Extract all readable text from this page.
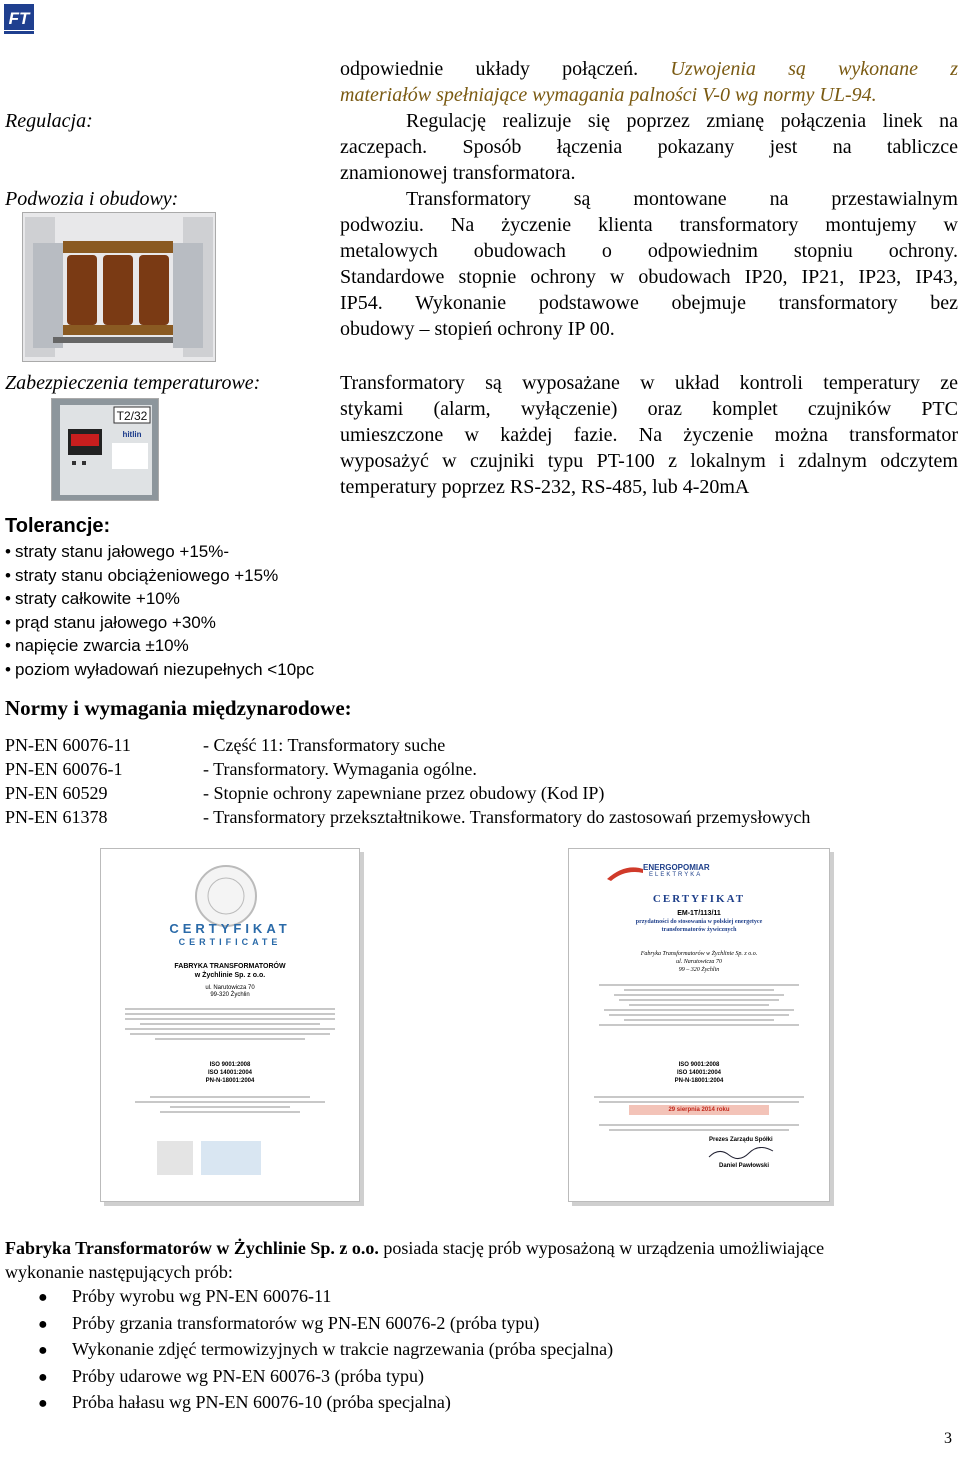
FT
odpowiednie układy połączeń. Uzwojenia są wykonane z
materiałów spełniające wymagania palności V-0 wg normy UL-94.
Regulacja:	Regulację realizuje się poprzez zmianę połączenia linek na
zaczepach. Sposób łączenia pokazany jest na tabliczce
znamionowej transformatora.
Podwozia i obudowy:	Transformatory są montowane na przestawialnym
podwoziu. Na życzenie klienta transformatory montujemy w
metalowych obudowach o odpowiednim stopniu ochrony.
Standardowe stopnie ochrony w obudowach IP20, IP21, IP23, IP43,
IP54. Wykonanie podstawowe obejmuje transformatory bez
obudowy – stopień ochrony IP 00.
Zabezpieczenia temperaturowe:	Transformatory są wyposażane w układ kontroli temperatury ze
stykami (alarm, wyłączenie) oraz komplet czujników PTC
umieszczone w każdej fazie. Na życzenie można transformator
wyposażyć w czujniki typu PT-100 z lokalnym i zdalnym odczytem
temperatury poprzez RS-232, RS-485, lub 4-20mA
T2/32
hitlin
Tolerancje:
• straty stanu jałowego +15%-
• straty stanu obciążeniowego +15%
• straty całkowite +10%
• prąd stanu jałowego +30%
• napięcie zwarcia ±10%
• poziom wyładowań niezupełnych <10pc
Normy i wymagania międzynarodowe:
PN-EN 60076-11	- Część 11: Transformatory suche
PN-EN 60076-1	- Transformatory. Wymagania ogólne.
PN-EN 60529	- Stopnie ochrony zapewniane przez obudowy (Kod IP)
PN-EN 61378	- Transformatory przekształtnikowe. Transformatory do zastosowań przemysłowych
CERTYFIKAT
CERTIFICATE
FABRYKA TRANSFORMATORÓW
w Żychlinie Sp. z o.o.
ul. Narutowicza 70
99-320 Żychlin
ISO 9001:2008
ISO 14001:2004
PN-N-18001:2004
ENERGOPOMIAR
ELEKTRYKA
CERTYFIKAT
EM-1T/113/11
przydatności do stosowania w polskiej energetyce
transformatorów żywicznych
Fabryka Transformatorów w Żychlinie Sp. z o.o.
ul. Narutowicza 70
99 – 320 Żychlin
ISO 9001:2008
ISO 14001:2004
PN-N-18001:2004
29 sierpnia 2014 roku
Prezes Zarządu Spółki
Daniel Pawłowski
Fabryka Transformatorów w Żychlinie Sp. z o.o. posiada stację prób wyposażoną w urządzenia umożliwiające
wykonanie następujących prób:
● Próby wyrobu wg PN-EN 60076-11
● Próby grzania transformatorów wg PN-EN 60076-2 (próba typu)
● Wykonanie zdjęć termowizyjnych w trakcie nagrzewania (próba specjalna)
● Próby udarowe wg PN-EN 60076-3 (próba typu)
● Próba hałasu wg PN-EN 60076-10 (próba specjalna)
3
